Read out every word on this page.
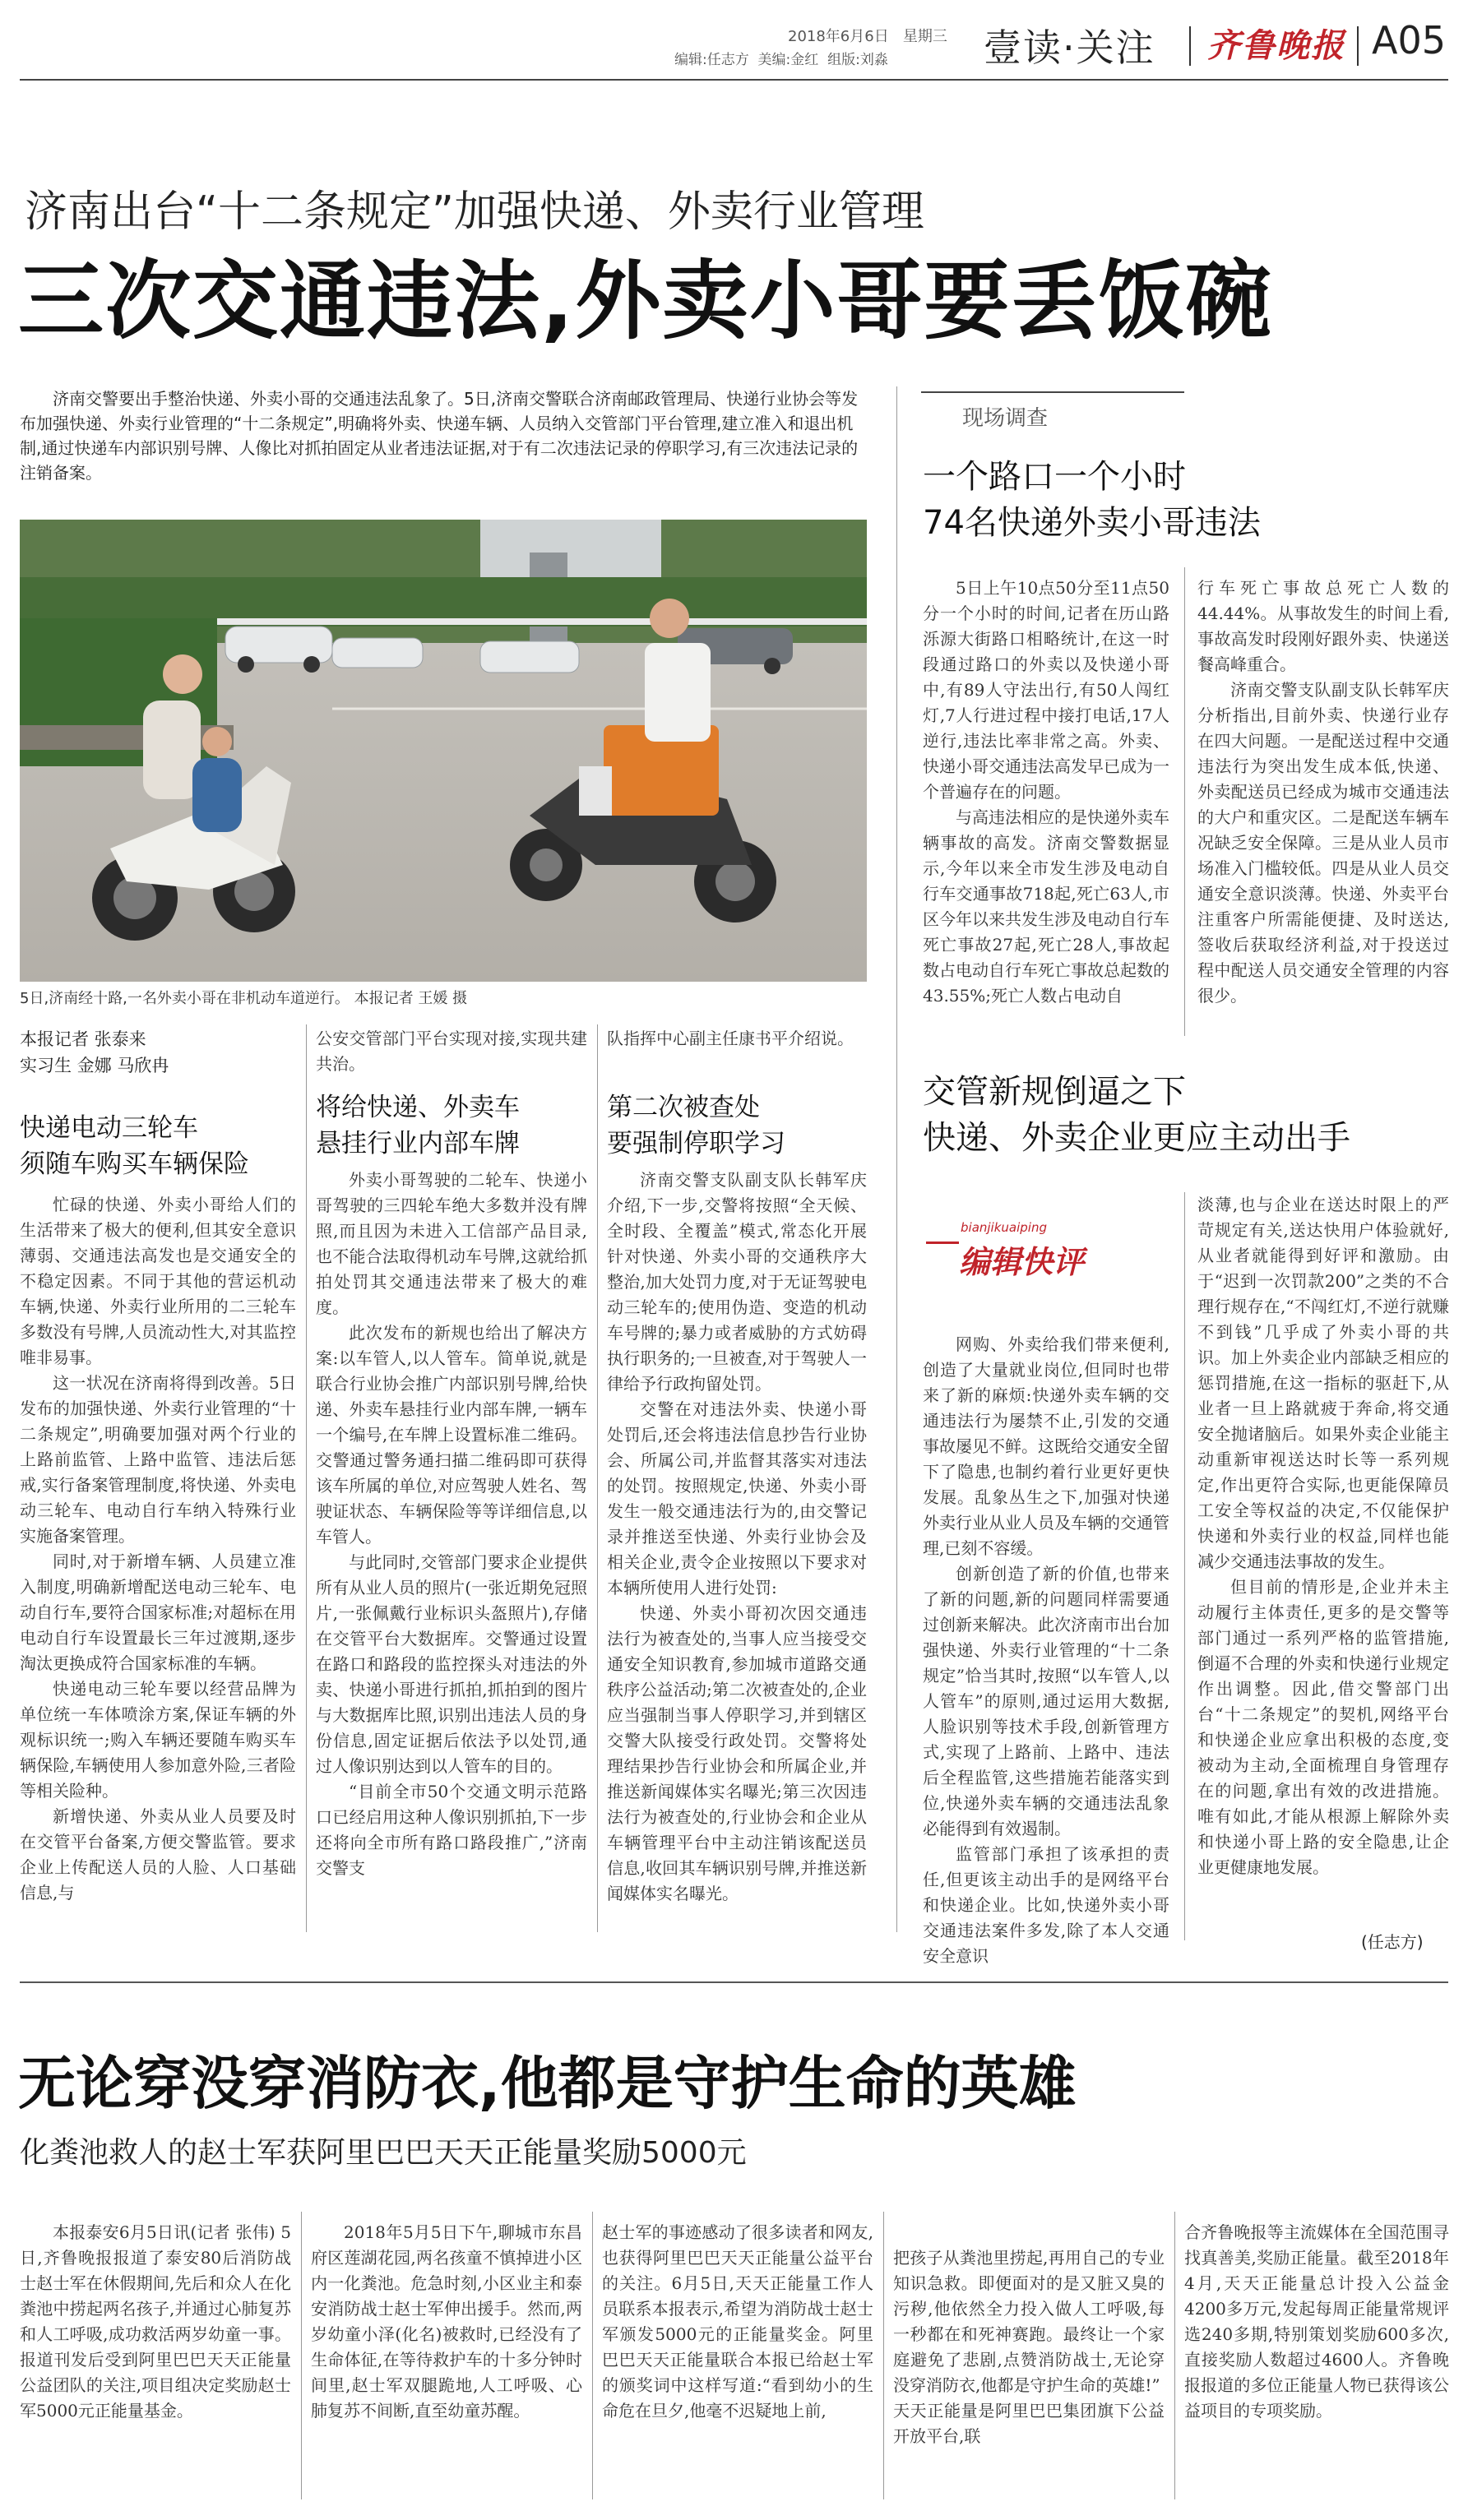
2018年6月6日 星期三
编辑:任志方 美编:金红 组版:刘淼	壹读·关注 齐鲁晚报 A05
济南出台“十二条规定”加强快递、外卖行业管理
三次交通违法,外卖小哥要丢饭碗
济南交警要出手整治快递、外卖小哥的交通违法乱象了。5日,济南交警联合济南邮政管理局、快递行业协会等发布加强快递、外卖行业管理的“十二条规定”,明确将外卖、快递车辆、人员纳入交管部门平台管理,建立准入和退出机制,通过快递车内部识别号牌、人像比对抓拍固定从业者违法证据,对于有二次违法记录的停职学习,有三次违法记录的注销备案。
5日,济南经十路,一名外卖小哥在非机动车道逆行。 本报记者 王媛 摄
本报记者 张泰来
实习生 金娜 马欣冉
快递电动三轮车
须随车购买车辆保险

忙碌的快递、外卖小哥给人们的生活带来了极大的便利,但其安全意识薄弱、交通违法高发也是交通安全的不稳定因素。不同于其他的营运机动车辆,快递、外卖行业所用的二三轮车多数没有号牌,人员流动性大,对其监控唯非易事。

这一状况在济南将得到改善。5日发布的加强快递、外卖行业管理的“十二条规定”,明确要加强对两个行业的上路前监管、上路中监管、违法后惩戒,实行备案管理制度,将快递、外卖电动三轮车、电动自行车纳入特殊行业实施备案管理。

同时,对于新增车辆、人员建立准入制度,明确新增配送电动三轮车、电动自行车,要符合国家标准;对超标在用电动自行车设置最长三年过渡期,逐步淘汰更换成符合国家标准的车辆。

快递电动三轮车要以经营品牌为单位统一车体喷涂方案,保证车辆的外观标识统一;购入车辆还要随车购买车辆保险,车辆使用人参加意外险,三者险等相关险种。

新增快递、外卖从业人员要及时在交管平台备案,方便交警监管。要求企业上传配送人员的人脸、人口基础信息,与

公安交管部门平台实现对接,实现共建共治。
将给快递、外卖车
悬挂行业内部车牌

外卖小哥驾驶的二轮车、快递小哥驾驶的三四轮车绝大多数并没有牌照,而且因为未进入工信部产品目录,也不能合法取得机动车号牌,这就给抓拍处罚其交通违法带来了极大的难度。

此次发布的新规也给出了解决方案:以车管人,以人管车。简单说,就是联合行业协会推广内部识别号牌,给快递、外卖车悬挂行业内部车牌,一辆车一个编号,在车牌上设置标准二维码。交警通过警务通扫描二维码即可获得该车所属的单位,对应驾驶人姓名、驾驶证状态、车辆保险等等详细信息,以车管人。

与此同时,交管部门要求企业提供所有从业人员的照片(一张近期免冠照片,一张佩戴行业标识头盔照片),存储在交管平台大数据库。交警通过设置在路口和路段的监控探头对违法的外卖、快递小哥进行抓拍,抓拍到的图片与大数据库比照,识别出违法人员的身份信息,固定证据后依法予以处罚,通过人像识别达到以人管车的目的。

“目前全市50个交通文明示范路口已经启用这种人像识别抓拍,下一步还将向全市所有路口路段推广,”济南交警支

队指挥中心副主任康书平介绍说。
第二次被查处
要强制停职学习

济南交警支队副支队长韩军庆介绍,下一步,交警将按照“全天候、全时段、全覆盖”模式,常态化开展针对快递、外卖小哥的交通秩序大整治,加大处罚力度,对于无证驾驶电动三轮车的;使用伪造、变造的机动车号牌的;暴力或者威胁的方式妨碍执行职务的;一旦被查,对于驾驶人一律给予行政拘留处罚。

交警在对违法外卖、快递小哥处罚后,还会将违法信息抄告行业协会、所属公司,并监督其落实对违法的处罚。按照规定,快递、外卖小哥发生一般交通违法行为的,由交警记录并推送至快递、外卖行业协会及相关企业,责令企业按照以下要求对本辆所使用人进行处罚:

快递、外卖小哥初次因交通违法行为被查处的,当事人应当接受交通安全知识教育,参加城市道路交通秩序公益活动;第二次被查处的,企业应当强制当事人停职学习,并到辖区交警大队接受行政处罚。交警将处理结果抄告行业协会和所属企业,并推送新闻媒体实名曝光;第三次因违法行为被查处的,行业协会和企业从车辆管理平台中主动注销该配送员信息,收回其车辆识别号牌,并推送新闻媒体实名曝光。

现场调查
一个路口一个小时
74名快递外卖小哥违法

5日上午10点50分至11点50分一个小时的时间,记者在历山路泺源大街路口相略统计,在这一时段通过路口的外卖以及快递小哥中,有89人守法出行,有50人闯红灯,7人行进过程中接打电话,17人逆行,违法比率非常之高。外卖、快递小哥交通违法高发早已成为一个普遍存在的问题。

与高违法相应的是快递外卖车辆事故的高发。济南交警数据显示,今年以来全市发生涉及电动自行车交通事故718起,死亡63人,市区今年以来共发生涉及电动自行车死亡事故27起,死亡28人,事故起数占电动自行车死亡事故总起数的43.55%;死亡人数占电动自

行车死亡事故总死亡人数的44.44%。从事故发生的时间上看,事故高发时段刚好跟外卖、快递送餐高峰重合。

济南交警支队副支队长韩军庆分析指出,目前外卖、快递行业存在四大问题。一是配送过程中交通违法行为突出发生成本低,快递、外卖配送员已经成为城市交通违法的大户和重灾区。二是配送车辆车况缺乏安全保障。三是从业人员市场准入门槛较低。四是从业人员交通安全意识淡薄。快递、外卖平台注重客户所需能便捷、及时送达,签收后获取经济利益,对于投送过程中配送人员交通安全管理的内容很少。

交管新规倒逼之下
快递、外卖企业更应主动出手
bianjikuaiping
编辑快评

网购、外卖给我们带来便利,创造了大量就业岗位,但同时也带来了新的麻烦:快递外卖车辆的交通违法行为屡禁不止,引发的交通事故屡见不鲜。这既给交通安全留下了隐患,也制约着行业更好更快发展。乱象丛生之下,加强对快递外卖行业从业人员及车辆的交通管理,已刻不容缓。

创新创造了新的价值,也带来了新的问题,新的问题同样需要通过创新来解决。此次济南市出台加强快递、外卖行业管理的“十二条规定”恰当其时,按照“以车管人,以人管车”的原则,通过运用大数据,人脸识别等技术手段,创新管理方式,实现了上路前、上路中、违法后全程监管,这些措施若能落实到位,快递外卖车辆的交通违法乱象必能得到有效遏制。

监管部门承担了该承担的责任,但更该主动出手的是网络平台和快递企业。比如,快递外卖小哥交通违法案件多发,除了本人交通安全意识

淡薄,也与企业在送达时限上的严苛规定有关,送达快用户体验就好,从业者就能得到好评和激励。由于“迟到一次罚款200”之类的不合理行规存在,“不闯红灯,不逆行就赚不到钱”几乎成了外卖小哥的共识。加上外卖企业内部缺乏相应的惩罚措施,在这一指标的驱赶下,从业者一旦上路就疲于奔命,将交通安全抛诸脑后。如果外卖企业能主动重新审视送达时长等一系列规定,作出更符合实际,也更能保障员工安全等权益的决定,不仅能保护快递和外卖行业的权益,同样也能减少交通违法事故的发生。

但目前的情形是,企业并未主动履行主体责任,更多的是交警等部门通过一系列严格的监管措施,倒逼不合理的外卖和快递行业规定作出调整。因此,借交警部门出台“十二条规定”的契机,网络平台和快递企业应拿出积极的态度,变被动为主动,全面梳理自身管理存在的问题,拿出有效的改进措施。唯有如此,才能从根源上解除外卖和快递小哥上路的安全隐患,让企业更健康地发展。

(任志方)
无论穿没穿消防衣,他都是守护生命的英雄
化粪池救人的赵士军获阿里巴巴天天正能量奖励5000元

本报泰安6月5日讯(记者 张伟) 5日,齐鲁晚报报道了泰安80后消防战士赵士军在休假期间,先后和众人在化粪池中捞起两名孩子,并通过心肺复苏和人工呼吸,成功救活两岁幼童一事。报道刊发后受到阿里巴巴天天正能量公益团队的关注,项目组决定奖励赵士军5000元正能量基金。

2018年5月5日下午,聊城市东昌府区莲湖花园,两名孩童不慎掉进小区内一化粪池。危急时刻,小区业主和泰安消防战士赵士军伸出援手。然而,两岁幼童小泽(化名)被救时,已经没有了生命体征,在等待救护车的十多分钟时间里,赵士军双腿跪地,人工呼吸、心肺复苏不间断,直至幼童苏醒。

赵士军的事迹感动了很多读者和网友,也获得阿里巴巴天天正能量公益平台的关注。6月5日,天天正能量工作人员联系本报表示,希望为消防战士赵士军颁发5000元的正能量奖金。阿里巴巴天天正能量联合本报已给赵士军的颁奖词中这样写道:“看到幼小的生命危在旦夕,他毫不迟疑地上前,

把孩子从粪池里捞起,再用自己的专业知识急救。即便面对的是又脏又臭的污秽,他依然全力投入做人工呼吸,每一秒都在和死神赛跑。最终让一个家庭避免了悲剧,点赞消防战士,无论穿没穿消防衣,他都是守护生命的英雄!”
天天正能量是阿里巴巴集团旗下公益开放平台,联

合齐鲁晚报等主流媒体在全国范围寻找真善美,奖励正能量。截至2018年4月,天天正能量总计投入公益金4200多万元,发起每周正能量常规评选240多期,特别策划奖励600多次,直接奖励人数超过4600人。齐鲁晚报报道的多位正能量人物已获得该公益项目的专项奖励。
